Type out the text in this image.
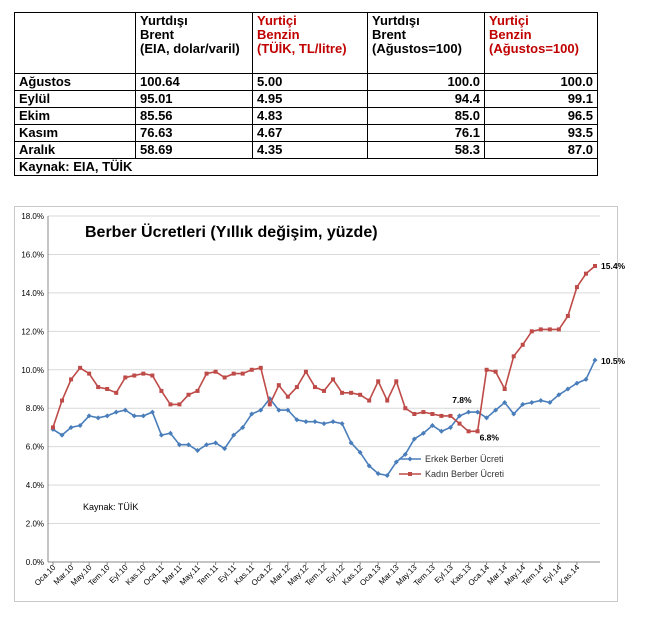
	Yurtdışı
Brent
(EIA, dolar/varil)	Yurtiçi
Benzin
(TÜİK, TL/litre)	Yurtdışı
Brent
(Ağustos=100)	Yurtiçi
Benzin
(Ağustos=100)
Ağustos	100.64	5.00	100.0	100.0
Eylül	95.01	4.95	94.4	99.1
Ekim	85.56	4.83	85.0	96.5
Kasım	76.63	4.67	76.1	93.5
Aralık	58.69	4.35	58.3	87.0
Kaynak: EIA, TÜİK				
0.0%
2.0%
4.0%
6.0%
8.0%
10.0%
12.0%
14.0%
16.0%
18.0%
Oca.10
Mar.10
May.10
Tem.10
Eyl.10
Kas.10
Oca.11
Mar.11
May.11
Tem.11
Eyl.11
Kas.11
Oca.12
Mar.12
May.12
Tem.12
Eyl.12
Kas.12
Oca.13
Mar.13
May.13
Tem.13
Eyl.13
Kas.13
Oca.14
Mar.14
May.14
Tem.14
Eyl.14
Kas.14
15.4%
10.5%
7.8%
6.8%
Berber Ücretleri (Yıllık değişim, yüzde)
Kaynak: TÜİK
Erkek Berber Ücreti
Kadın Berber Ücreti
